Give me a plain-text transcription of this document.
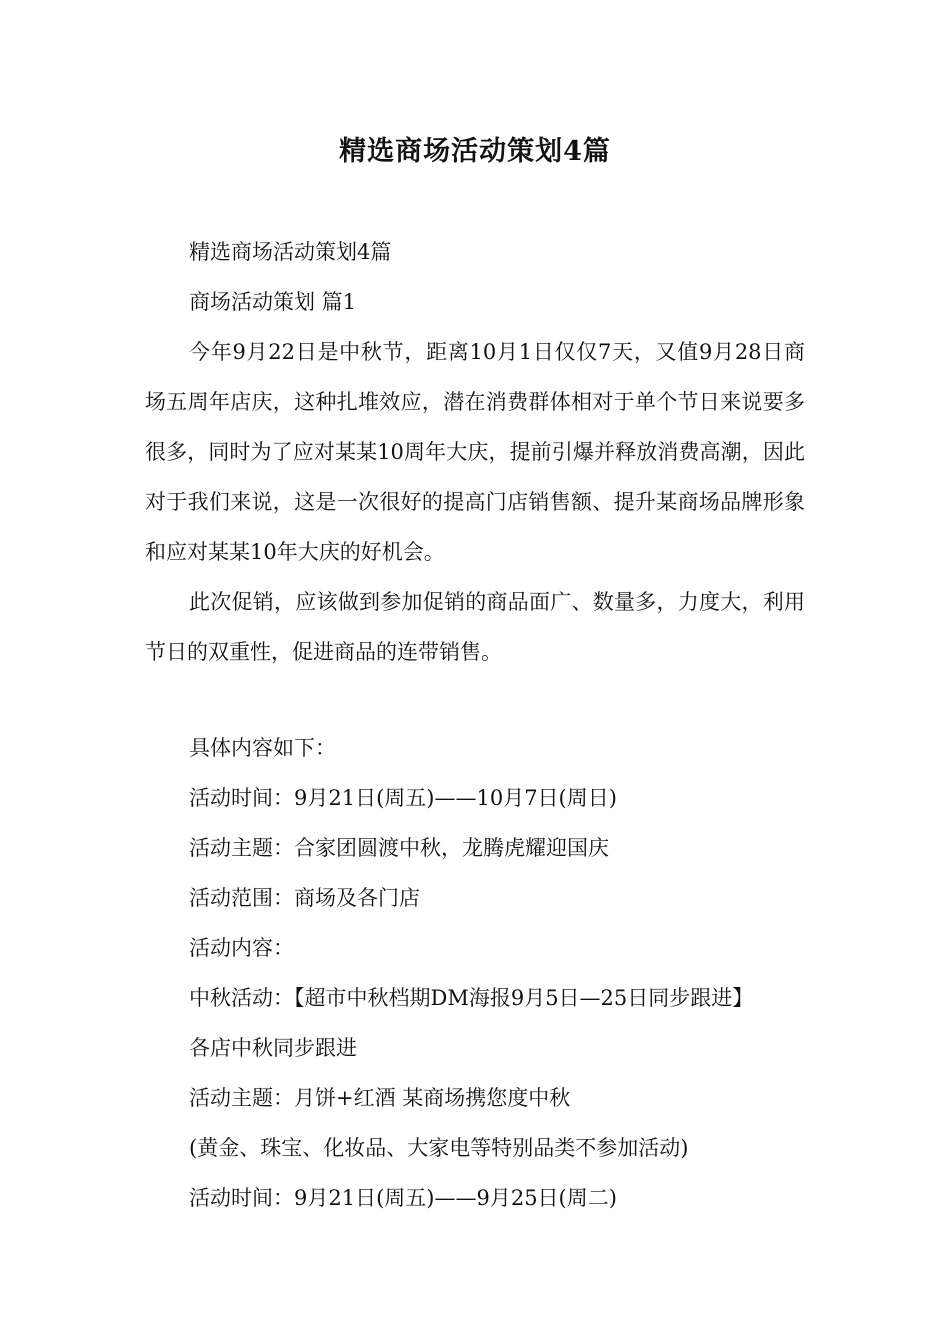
精选商场活动策划4篇

精选商场活动策划4篇

商场活动策划 篇1

今年9月22日是中秋节，距离10月1日仅仅7天，又值9月28日商场五周年店庆，这种扎堆效应，潜在消费群体相对于单个节日来说要多很多，同时为了应对某某10周年大庆，提前引爆并释放消费高潮，因此对于我们来说，这是一次很好的提高门店销售额、提升某商场品牌形象和应对某某10年大庆的好机会。

此次促销，应该做到参加促销的商品面广、数量多，力度大，利用节日的双重性，促进商品的连带销售。

具体内容如下：

活动时间：9月21日(周五)——10月7日(周日)

活动主题：合家团圆渡中秋，龙腾虎耀迎国庆

活动范围：商场及各门店

活动内容：

中秋活动：【超市中秋档期DM海报9月5日—25日同步跟进】

各店中秋同步跟进

活动主题：月饼+红酒 某商场携您度中秋

(黄金、珠宝、化妆品、大家电等特别品类不参加活动)

活动时间：9月21日(周五)——9月25日(周二)
